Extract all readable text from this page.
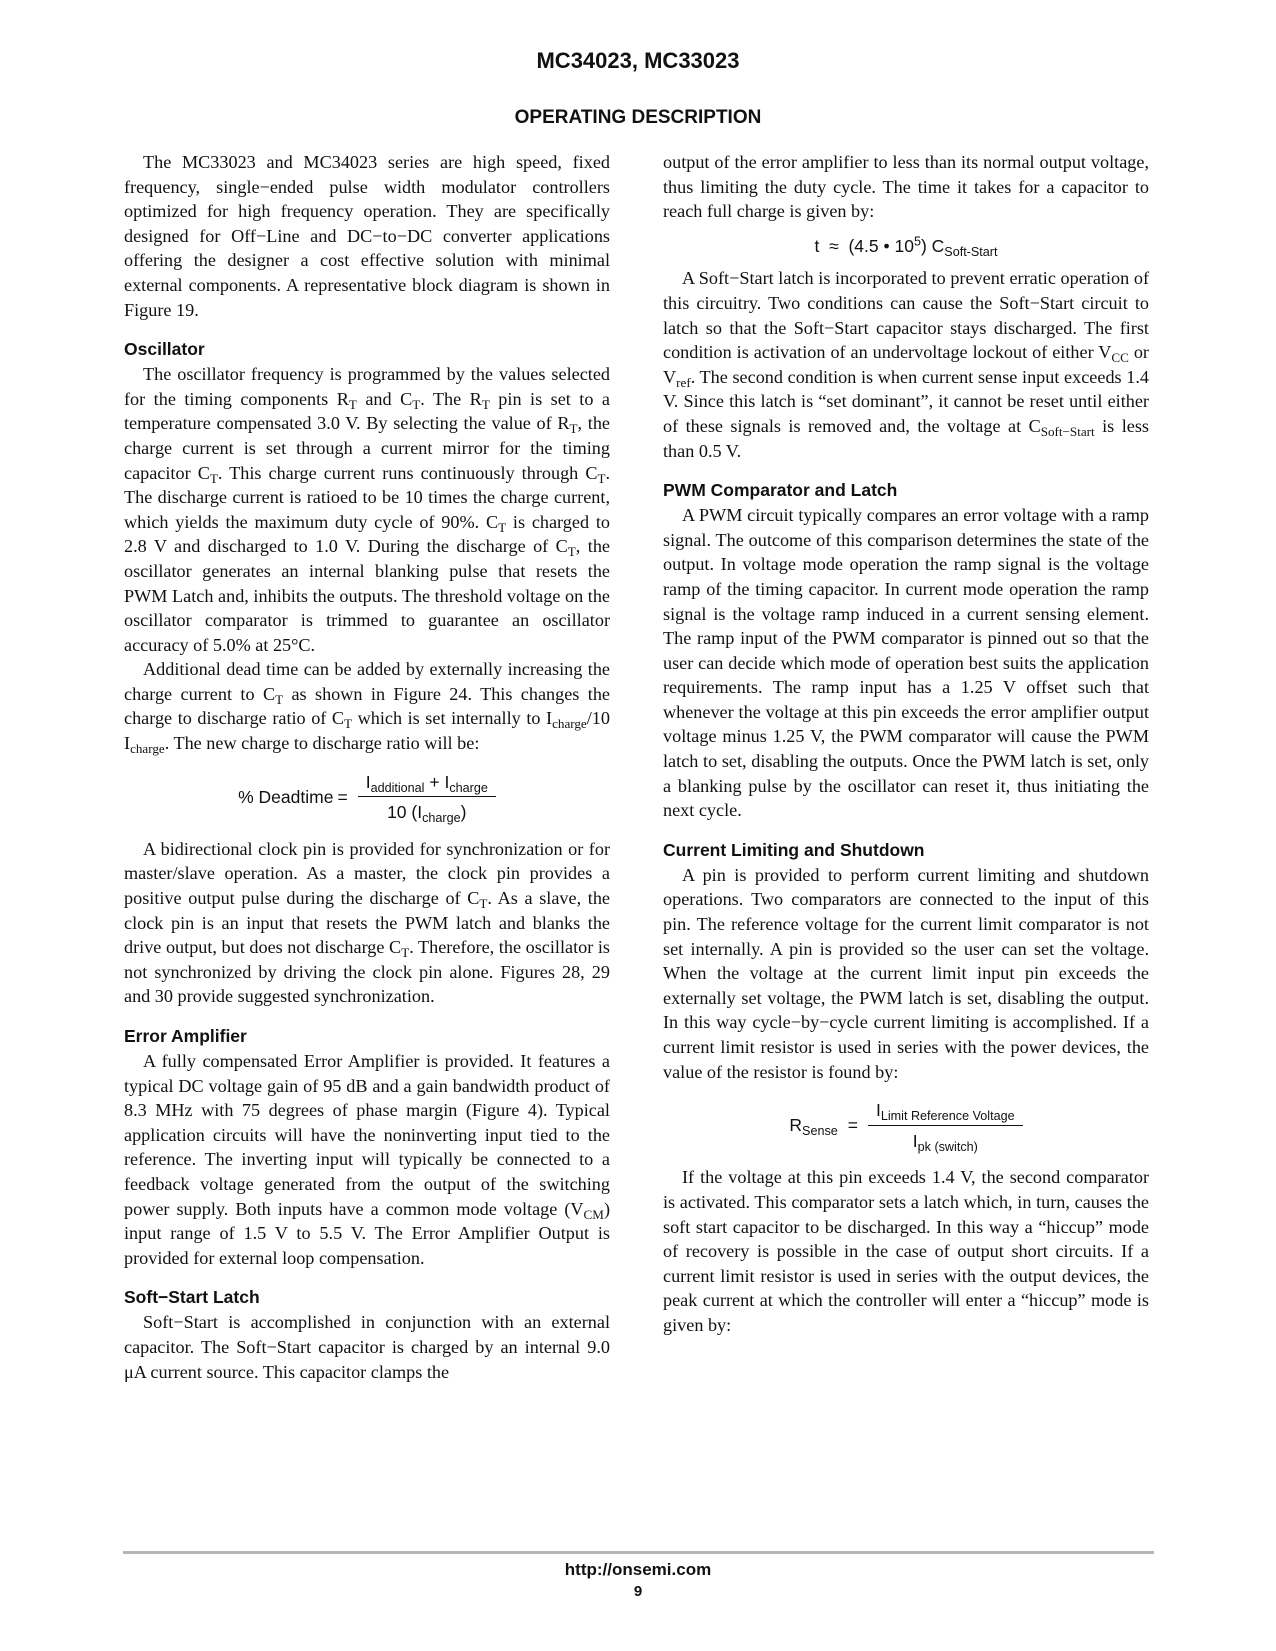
MC34023, MC33023
OPERATING DESCRIPTION

The MC33023 and MC34023 series are high speed, fixed frequency, single−ended pulse width modulator controllers optimized for high frequency operation. They are specifically designed for Off−Line and DC−to−DC converter applications offering the designer a cost effective solution with minimal external components. A representative block diagram is shown in Figure 19.

Oscillator

The oscillator frequency is programmed by the values selected for the timing components $R_T$ and $C_T$. The $R_T$ pin is set to a temperature compensated 3.0 V. By selecting the value of $R_T$, the charge current is set through a current mirror for the timing capacitor $C_T$. This charge current runs continuously through $C_T$. The discharge current is ratioed to be 10 times the charge current, which yields the maximum duty cycle of 90%. $C_T$ is charged to 2.8 V and discharged to 1.0 V. During the discharge of $C_T$, the oscillator generates an internal blanking pulse that resets the PWM Latch and, inhibits the outputs. The threshold voltage on the oscillator comparator is trimmed to guarantee an oscillator accuracy of 5.0% at 25°C.

Additional dead time can be added by externally increasing the charge current to $C_T$ as shown in Figure 24. This changes the charge to discharge ratio of $C_T$ which is set internally to $I_{charge}/10$ $I_{charge}$. The new charge to discharge ratio will be:

% Deadtime = $\frac{I_{additional} + I_{charge}}{10 (I_{charge})}$

A bidirectional clock pin is provided for synchronization or for master/slave operation. As a master, the clock pin provides a positive output pulse during the discharge of $C_T$. As a slave, the clock pin is an input that resets the PWM latch and blanks the drive output, but does not discharge $C_T$. Therefore, the oscillator is not synchronized by driving the clock pin alone. Figures 28, 29 and 30 provide suggested synchronization.

Error Amplifier

A fully compensated Error Amplifier is provided. It features a typical DC voltage gain of 95 dB and a gain bandwidth product of 8.3 MHz with 75 degrees of phase margin (Figure 4). Typical application circuits will have the noninverting input tied to the reference. The inverting input will typically be connected to a feedback voltage generated from the output of the switching power supply. Both inputs have a common mode voltage $(V_{CM})$ input range of 1.5 V to 5.5 V. The Error Amplifier Output is provided for external loop compensation.

Soft−Start Latch

Soft−Start is accomplished in conjunction with an external capacitor. The Soft−Start capacitor is charged by an internal 9.0 μA current source. This capacitor clamps the

output of the error amplifier to less than its normal output voltage, thus limiting the duty cycle. The time it takes for a capacitor to reach full charge is given by:

t ≈ (4.5 • $10^5$) $C_{Soft-Start}$

A Soft−Start latch is incorporated to prevent erratic operation of this circuitry. Two conditions can cause the Soft−Start circuit to latch so that the Soft−Start capacitor stays discharged. The first condition is activation of an undervoltage lockout of either $V_{CC}$ or $V_{ref}$. The second condition is when current sense input exceeds 1.4 V. Since this latch is “set dominant”, it cannot be reset until either of these signals is removed and, the voltage at $C_{Soft-Start}$ is less than 0.5 V.

PWM Comparator and Latch

A PWM circuit typically compares an error voltage with a ramp signal. The outcome of this comparison determines the state of the output. In voltage mode operation the ramp signal is the voltage ramp of the timing capacitor. In current mode operation the ramp signal is the voltage ramp induced in a current sensing element. The ramp input of the PWM comparator is pinned out so that the user can decide which mode of operation best suits the application requirements. The ramp input has a 1.25 V offset such that whenever the voltage at this pin exceeds the error amplifier output voltage minus 1.25 V, the PWM comparator will cause the PWM latch to set, disabling the outputs. Once the PWM latch is set, only a blanking pulse by the oscillator can reset it, thus initiating the next cycle.

Current Limiting and Shutdown

A pin is provided to perform current limiting and shutdown operations. Two comparators are connected to the input of this pin. The reference voltage for the current limit comparator is not set internally. A pin is provided so the user can set the voltage. When the voltage at the current limit input pin exceeds the externally set voltage, the PWM latch is set, disabling the output. In this way cycle−by−cycle current limiting is accomplished. If a current limit resistor is used in series with the power devices, the value of the resistor is found by:

$R_{Sense} = \frac{I_{Limit Reference Voltage}}{I_{pk (switch)}}$

If the voltage at this pin exceeds 1.4 V, the second comparator is activated. This comparator sets a latch which, in turn, causes the soft start capacitor to be discharged. In this way a “hiccup” mode of recovery is possible in the case of output short circuits. If a current limit resistor is used in series with the output devices, the peak current at which the controller will enter a “hiccup” mode is given by:

http://onsemi.com
9
